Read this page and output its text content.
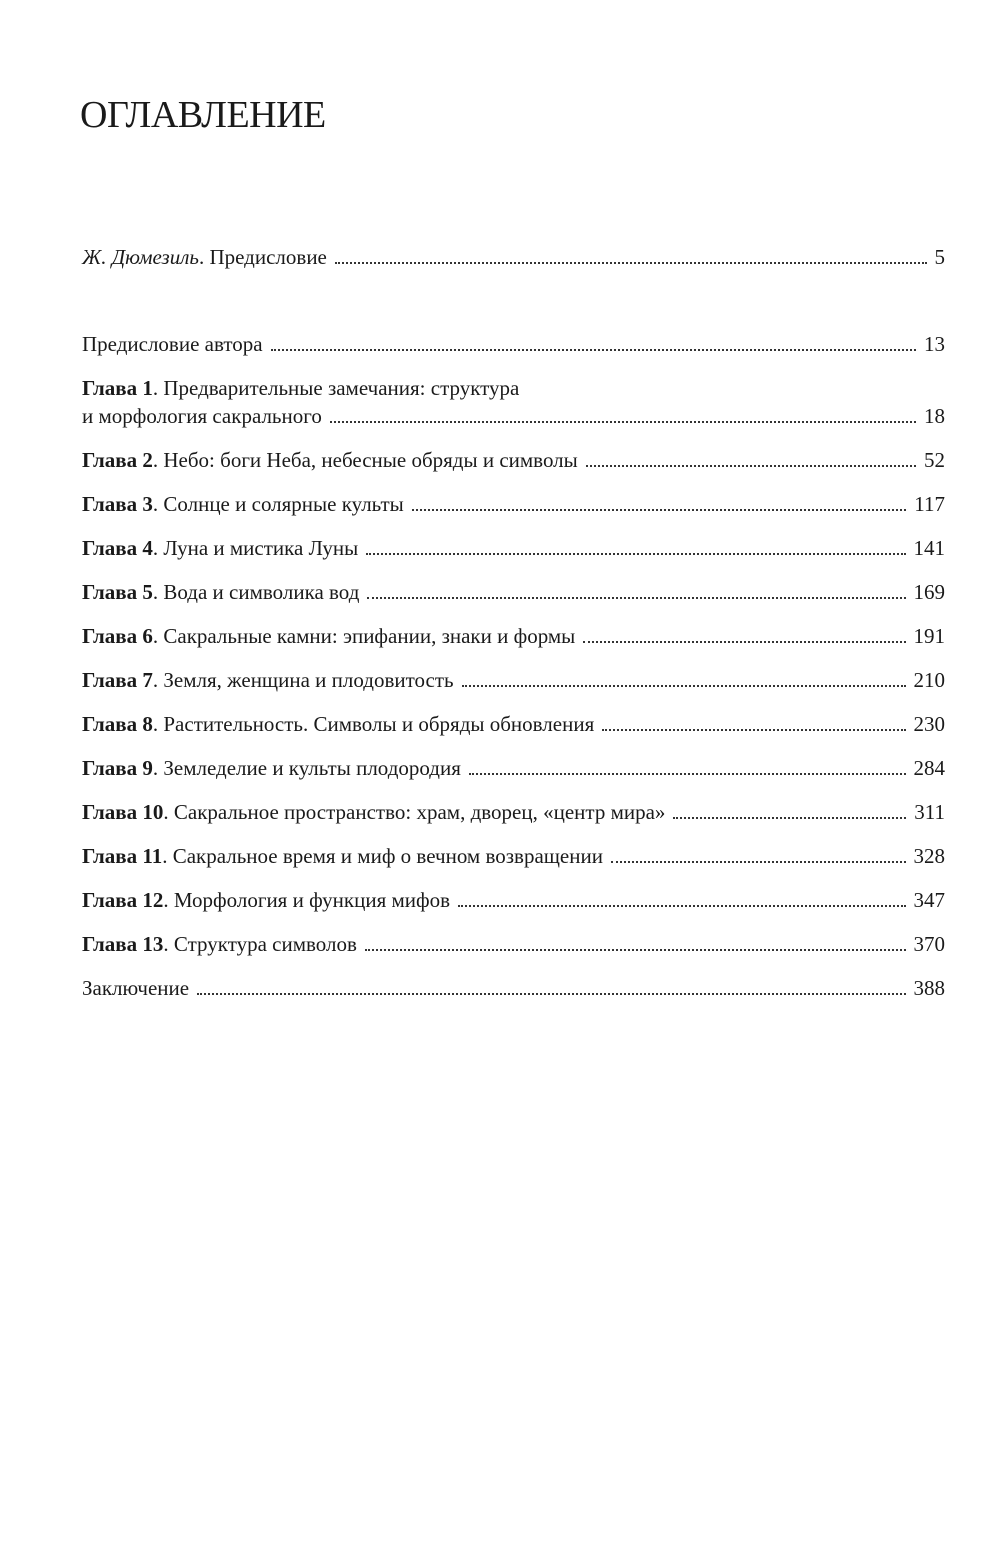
ОГЛАВЛЕНИЕ
Ж. Дюмезиль. Предисловие	5
Предисловие автора	13
Глава 1. Предварительные замечания: структура
и морфология сакрального	18
Глава 2. Небо: боги Неба, небесные обряды и символы	52
Глава 3. Солнце и солярные культы	117
Глава 4. Луна и мистика Луны	141
Глава 5. Вода и символика вод	169
Глава 6. Сакральные камни: эпифании, знаки и формы	191
Глава 7. Земля, женщина и плодовитость	210
Глава 8. Растительность. Символы и обряды обновления	230
Глава 9. Земледелие и культы плодородия	284
Глава 10. Сакральное пространство: храм, дворец, «центр мира»	311
Глава 11. Сакральное время и миф о вечном возвращении	328
Глава 12. Морфология и функция мифов	347
Глава 13. Структура символов	370
Заключение	388
